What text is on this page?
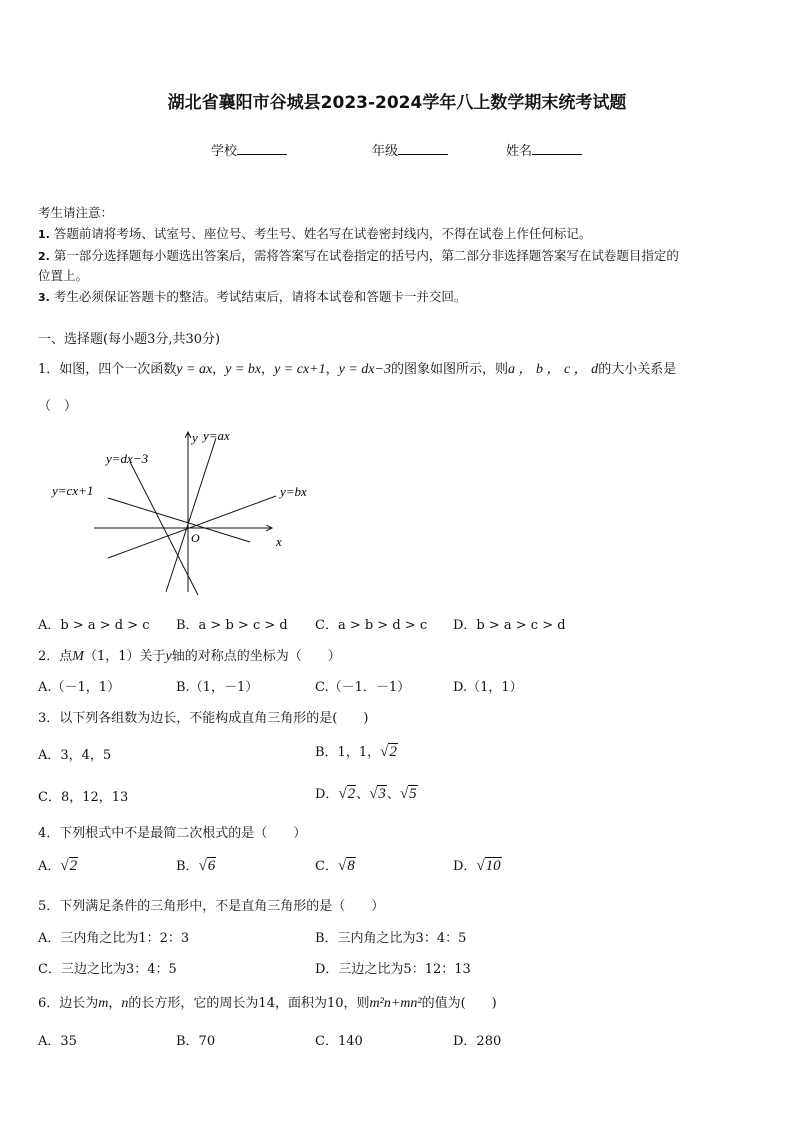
湖北省襄阳市谷城县2023-2024学年八上数学期末统考试题
学校	年级	姓名
考生请注意：
1. 答题前请将考场、试室号、座位号、考生号、姓名写在试卷密封线内，不得在试卷上作任何标记。
2. 第一部分选择题每小题选出答案后，需将答案写在试卷指定的括号内，第二部分非选择题答案写在试卷题目指定的
位置上。
3. 考生必须保证答题卡的整洁。考试结束后，请将本试卷和答题卡一并交回。
一、选择题(每小题3分,共30分)
1．如图，四个一次函数y = ax，y = bx，y = cx+1，y = dx−3的图象如图所示，则a ， b ， c ， d的大小关系是
（　）
y=ax
y=dx−3
y=cx+1	y=bx
y
x
O
A．b > a > d > c B．a > b > c > d C．a > b > d > c D．b > a > c > d
2．点M（1，1）关于y轴的对称点的坐标为（　　）
A.（－1，1）	B.（1，－1）	C.（－1．－1）	D.（1，1）
3．以下列各组数为边长，不能构成直角三角形的是(　　)
A．3，4，5	B．1，1，√2
C．8，12，13	D．√2、√3、√5
4．下列根式中不是最简二次根式的是（　　）
A．√2	B．√6	C．√8	D．√10
5．下列满足条件的三角形中，不是直角三角形的是（　　）
A．三内角之比为1：2：3	B．三内角之比为3：4：5
C．三边之比为3：4：5	D．三边之比为5：12：13
6．边长为m，n的长方形，它的周长为14，面积为10，则m²n+mn²的值为(　　)
A．35	B．70	C．140	D．280
